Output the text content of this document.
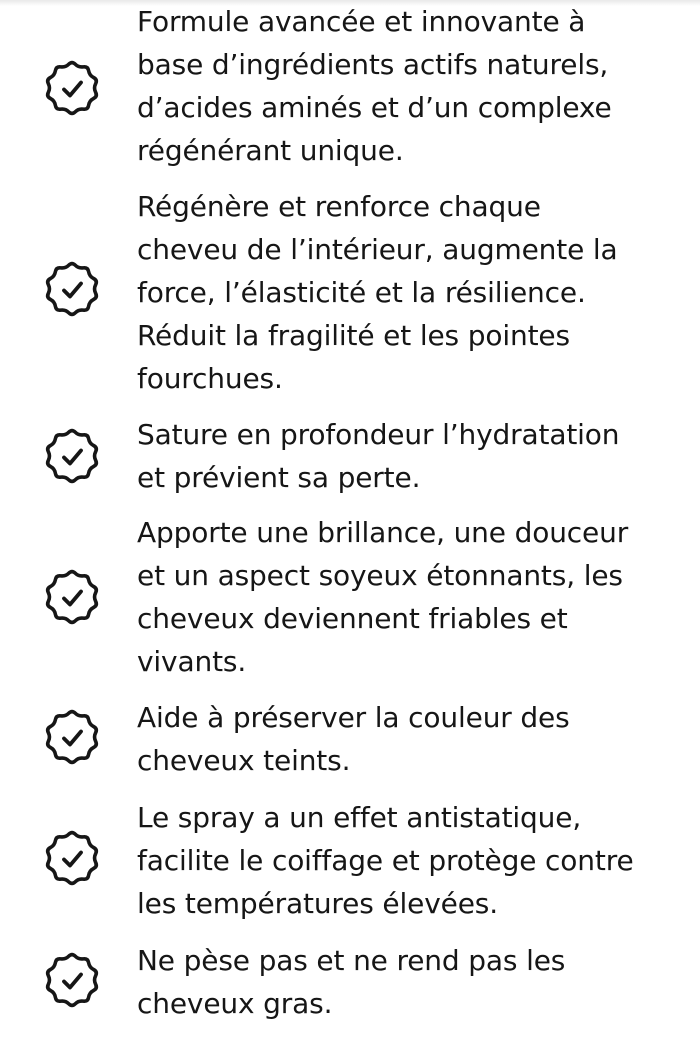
Formule avancée et innovante à
base d’ingrédients actifs naturels,
d’acides aminés et d’un complexe
régénérant unique.

Régénère et renforce chaque
cheveu de l’intérieur, augmente la
force, l’élasticité et la résilience.
Réduit la fragilité et les pointes
fourchues.

Sature en profondeur l’hydratation
et prévient sa perte.

Apporte une brillance, une douceur
et un aspect soyeux étonnants, les
cheveux deviennent friables et
vivants.

Aide à préserver la couleur des
cheveux teints.

Le spray a un effet antistatique,
facilite le coiffage et protège contre
les températures élevées.

Ne pèse pas et ne rend pas les
cheveux gras.
